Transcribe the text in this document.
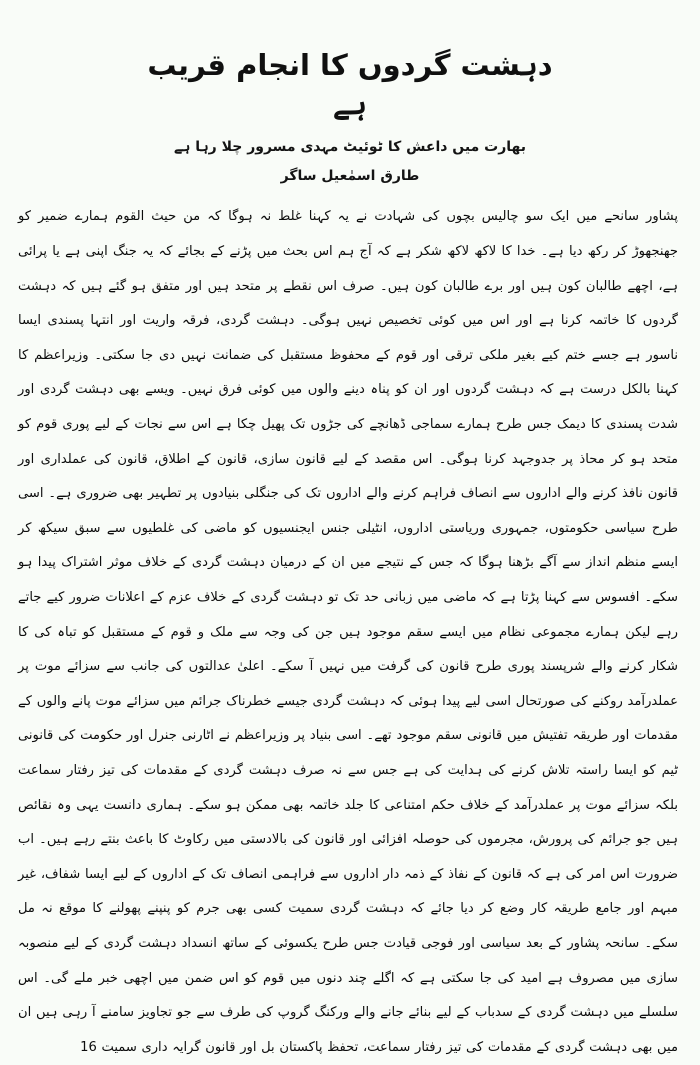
دہشت گردوں کا انجام قریب ہے
بھارت میں داعش کا ٹوئیٹ مہدی مسرور چلا رہا ہے
طارق اسمٰعیل ساگر

پشاور سانحے میں ایک سو چالیس بچوں کی شہادت نے یہ کہنا غلط نہ ہوگا کہ من حیث القوم ہمارے ضمیر کو جھنجھوڑ کر رکھ دیا ہے۔ خدا کا لاکھ لاکھ شکر ہے کہ آج ہم اس بحث میں پڑنے کے بجائے کہ یہ جنگ اپنی ہے یا پرائی ہے، اچھے طالبان کون ہیں اور برے طالبان کون ہیں۔ صرف اس نقطے پر متحد ہیں اور متفق ہو گئے ہیں کہ دہشت گردوں کا خاتمہ کرنا ہے اور اس میں کوئی تخصیص نہیں ہوگی۔ دہشت گردی، فرقہ واریت اور انتہا پسندی ایسا ناسور ہے جسے ختم کیے بغیر ملکی ترقی اور قوم کے محفوظ مستقبل کی ضمانت نہیں دی جا سکتی۔ وزیراعظم کا کہنا بالکل درست ہے کہ دہشت گردوں اور ان کو پناہ دینے والوں میں کوئی فرق نہیں۔ ویسے بھی دہشت گردی اور شدت پسندی کا دیمک جس طرح ہمارے سماجی ڈھانچے کی جڑوں تک پھیل چکا ہے اس سے نجات کے لیے پوری قوم کو متحد ہو کر محاذ پر جدوجہد کرنا ہوگی۔ اس مقصد کے لیے قانون سازی، قانون کے اطلاق، قانون کی عملداری اور قانون نافذ کرنے والے اداروں سے انصاف فراہم کرنے والے اداروں تک کی جنگلی بنیادوں پر تطہیر بھی ضروری ہے۔ اسی طرح سیاسی حکومتوں، جمہوری وریاستی اداروں، انٹیلی جنس ایجنسیوں کو ماضی کی غلطیوں سے سبق سیکھ کر ایسے منظم انداز سے آگے بڑھنا ہوگا کہ جس کے نتیجے میں ان کے درمیان دہشت گردی کے خلاف موثر اشتراک پیدا ہو سکے۔ افسوس سے کہنا پڑتا ہے کہ ماضی میں زبانی حد تک تو دہشت گردی کے خلاف عزم کے اعلانات ضرور کیے جاتے رہے لیکن ہمارے مجموعی نظام میں ایسے سقم موجود ہیں جن کی وجہ سے ملک و قوم کے مستقبل کو تباہ کی کا شکار کرنے والے شرپسند پوری طرح قانون کی گرفت میں نہیں آ سکے۔ اعلیٰ عدالتوں کی جانب سے سزائے موت پر عملدرآمد روکنے کی صورتحال اسی لیے پیدا ہوئی کہ دہشت گردی جیسے خطرناک جرائم میں سزائے موت پانے والوں کے مقدمات اور طریقہ تفتیش میں قانونی سقم موجود تھے۔ اسی بنیاد پر وزیراعظم نے اٹارنی جنرل اور حکومت کی قانونی ٹیم کو ایسا راستہ تلاش کرنے کی ہدایت کی ہے جس سے نہ صرف دہشت گردی کے مقدمات کی تیز رفتار سماعت بلکہ سزائے موت پر عملدرآمد کے خلاف حکم امتناعی کا جلد خاتمہ بھی ممکن ہو سکے۔ ہماری دانست یہی وہ نقائص ہیں جو جرائم کی پرورش، مجرموں کی حوصلہ افزائی اور قانون کی بالادستی میں رکاوٹ کا باعث بنتے رہے ہیں۔ اب ضرورت اس امر کی ہے کہ قانون کے نفاذ کے ذمہ دار اداروں سے فراہمی انصاف تک کے اداروں کے لیے ایسا شفاف، غیر مبہم اور جامع طریقہ کار وضع کر دیا جائے کہ دہشت گردی سمیت کسی بھی جرم کو پنپنے پھولنے کا موقع نہ مل سکے۔ سانحہ پشاور کے بعد سیاسی اور فوجی قیادت جس طرح یکسوئی کے ساتھ انسداد دہشت گردی کے لیے منصوبہ سازی میں مصروف ہے امید کی جا سکتی ہے کہ اگلے چند دنوں میں قوم کو اس ضمن میں اچھی خبر ملے گی۔ اس سلسلے میں دہشت گردی کے سدباب کے لیے بنائے جانے والے ورکنگ گروپ کی طرف سے جو تجاویز سامنے آ رہی ہیں ان میں بھی دہشت گردی کے مقدمات کی تیز رفتار سماعت، تحفظ پاکستان بل اور قانون گرایہ داری سمیت 16
